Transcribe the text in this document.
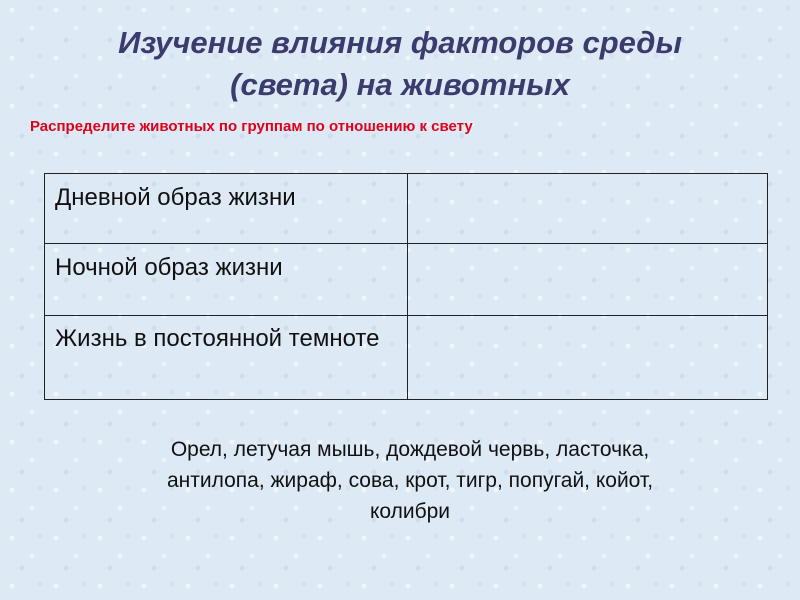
Изучение влияния факторов среды
(света) на животных
Распределите животных по группам по отношению к свету
Дневной образ жизни	
Ночной образ жизни	
Жизнь в постоянной темноте	
Орел, летучая мышь, дождевой червь, ласточка,
антилопа, жираф, сова, крот, тигр, попугай, койот,
колибри
